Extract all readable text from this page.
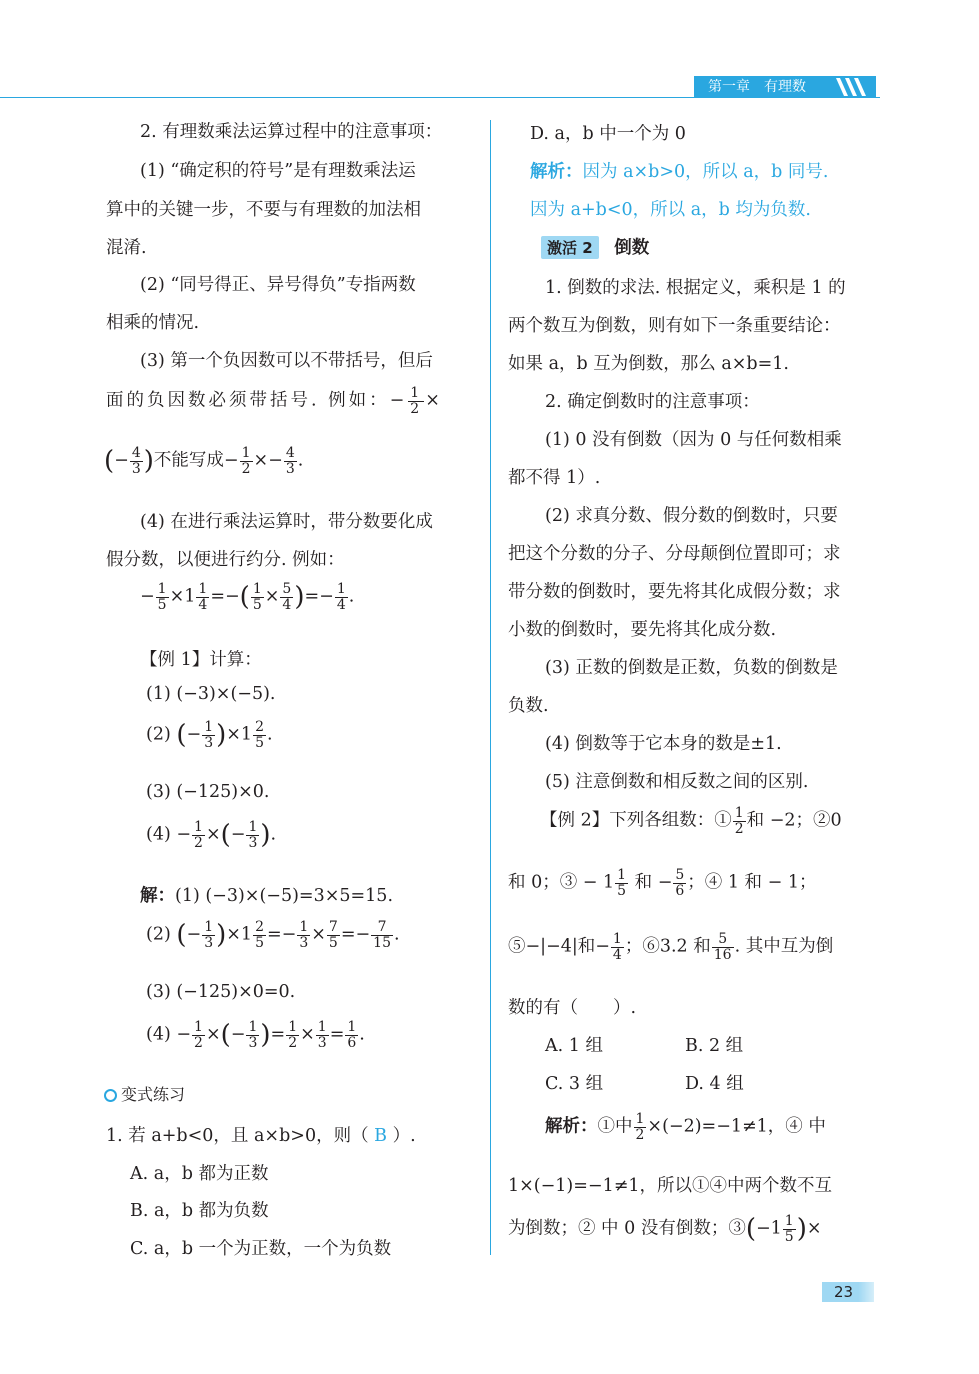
第一章　有理数
2. 有理数乘法运算过程中的注意事项：
(1) “确定积的符号”是有理数乘法运
算中的关键一步，不要与有理数的加法相
混淆.
(2) “同号得正、异号得负”专指两数
相乘的情况.
(3) 第一个负因数可以不带括号，但后
面的负因数必须带括号. 例如：− $\frac{1}{2}$ ×
(− $\frac{4}{3}$ )不能写成− $\frac{1}{2} \times- \frac{4}{3}$ .
(4) 在进行乘法运算时，带分数要化成
假分数，以便进行约分. 例如：
− $\frac{1}{5} \times 1 \frac{1}{4}$ =−( $\frac{1}{5} \times \frac{5}{4}$ )=− $\frac{1}{4}$ .
【例 1】计算：
(1) (−3)×(−5).
(2) (− $\frac{1}{3} )\times 1 \frac{2}{5}$ .
(3) (−125)×0.
$(4) - \frac{1}{2}$ ×(− $\frac{1}{3}$ ).
解：(1) (−3)×(−5)=3×5=15.
(2) (− $\frac{1}{3} )\times 1 \frac{2}{5} =- \frac{1}{3} \times \frac{7}{5} =- \frac{7}{15}$ .
(3) (−125)×0=0.
$(4) - \frac{1}{2}$ ×(− $\frac{1}{3}$ )= $\frac{1}{2} \times \frac{1}{3} = \frac{1}{6}$ .
变式练习
1. 若 a+b<0，且 a×b>0，则（ B ）.
A. a，b 都为正数
B. a，b 都为负数
C. a，b 一个为正数，一个为负数
D. a，b 中一个为 0
解析：因为 a×b>0，所以 a，b 同号.
因为 a+b<0，所以 a，b 均为负数.
激活 2 倒数
1. 倒数的求法. 根据定义，乘积是 1 的
两个数互为倒数，则有如下一条重要结论：
如果 a，b 互为倒数，那么 a×b=1.
2. 确定倒数时的注意事项：
(1) 0 没有倒数（因为 0 与任何数相乘
都不得 1）.
(2) 求真分数、假分数的倒数时，只要
把这个分数的分子、分母颠倒位置即可；求
带分数的倒数时，要先将其化成假分数；求
小数的倒数时，要先将其化成分数.
(3) 正数的倒数是正数，负数的倒数是
负数.
(4) 倒数等于它本身的数是±1.
(5) 注意倒数和相反数之间的区别.
【例 2】下列各组数：① $\frac{1}{2}$ 和 −2；②0
和 0；③ − $1 \frac{1}{5}$ 和 − $\frac{5}{6}$ ；④ 1 和 − 1；
⑤−|−4|和− $\frac{1}{4}$ ；⑥3.2 和 $\frac{5}{16}$ . 其中互为倒
数的有（　　）.
A. 1 组	B. 2 组
C. 3 组	D. 4 组
解析：①中 $\frac{1}{2} \times(-2)=-1\ne 1$，④ 中
1×(−1)=−1≠1，所以①④中两个数不互
为倒数；② 中 0 没有倒数；③(−1 $\frac{1}{5}$ )×
23
